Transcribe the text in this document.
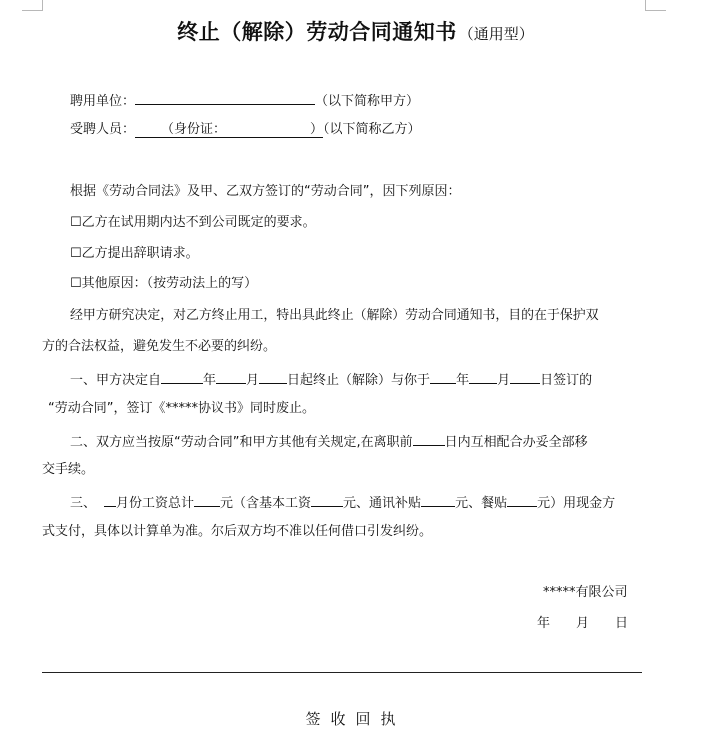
终止（解除）劳动合同通知书 （通用型）
聘用单位：	（以下简称甲方）
受聘人员： （身份证：	）（以下简称乙方）
根据《劳动合同法》及甲、乙双方签订的“劳动合同”，因下列原因：
☐乙方在试用期内达不到公司既定的要求。
☐乙方提出辞职请求。
☐其他原因：（按劳动法上的写）
经甲方研究决定，对乙方终止用工，特出具此终止（解除）劳动合同通知书，目的在于保护双
方的合法权益，避免发生不必要的纠纷。
一、甲方决定自	年 月 日起终止（解除）与你于 年 月 日签订的
“劳动合同”，签订《*****协议书》同时废止。
二、双方应当按原“劳动合同”和甲方其他有关规定,在离职前 日内互相配合办妥全部移
交手续。
三、 月份工资总计 元（含基本工资 元、通讯补贴	元、餐贴 元）用现金方
式支付，具体以计算单为准。尔后双方均不准以任何借口引发纠纷。
*****有限公司
年　　月　　日
签收回执
